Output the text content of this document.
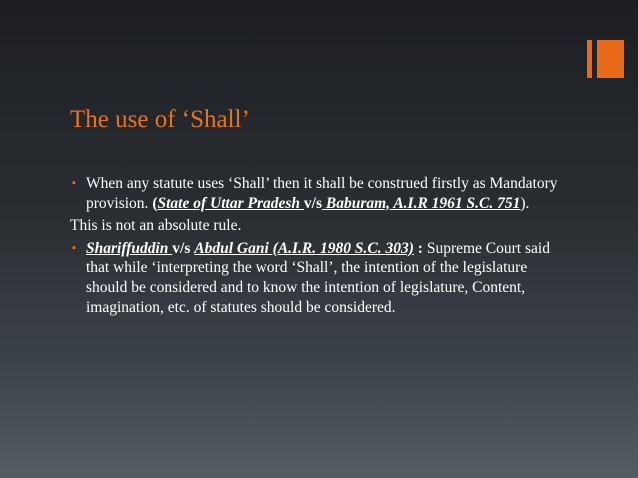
The use of ‘Shall’
▪ When any statute uses ‘Shall’ then it shall be construed firstly as Mandatory provision. (State of Uttar Pradesh v/s Baburam, A.I.R 1961 S.C. 751).
This is not an absolute rule.
▪ Shariffuddin v/s Abdul Gani (A.I.R. 1980 S.C. 303) : Supreme Court said that while ‘interpreting the word ‘Shall’, the intention of the legislature should be considered and to know the intention of legislature, Content, imagination, etc. of statutes should be considered.
